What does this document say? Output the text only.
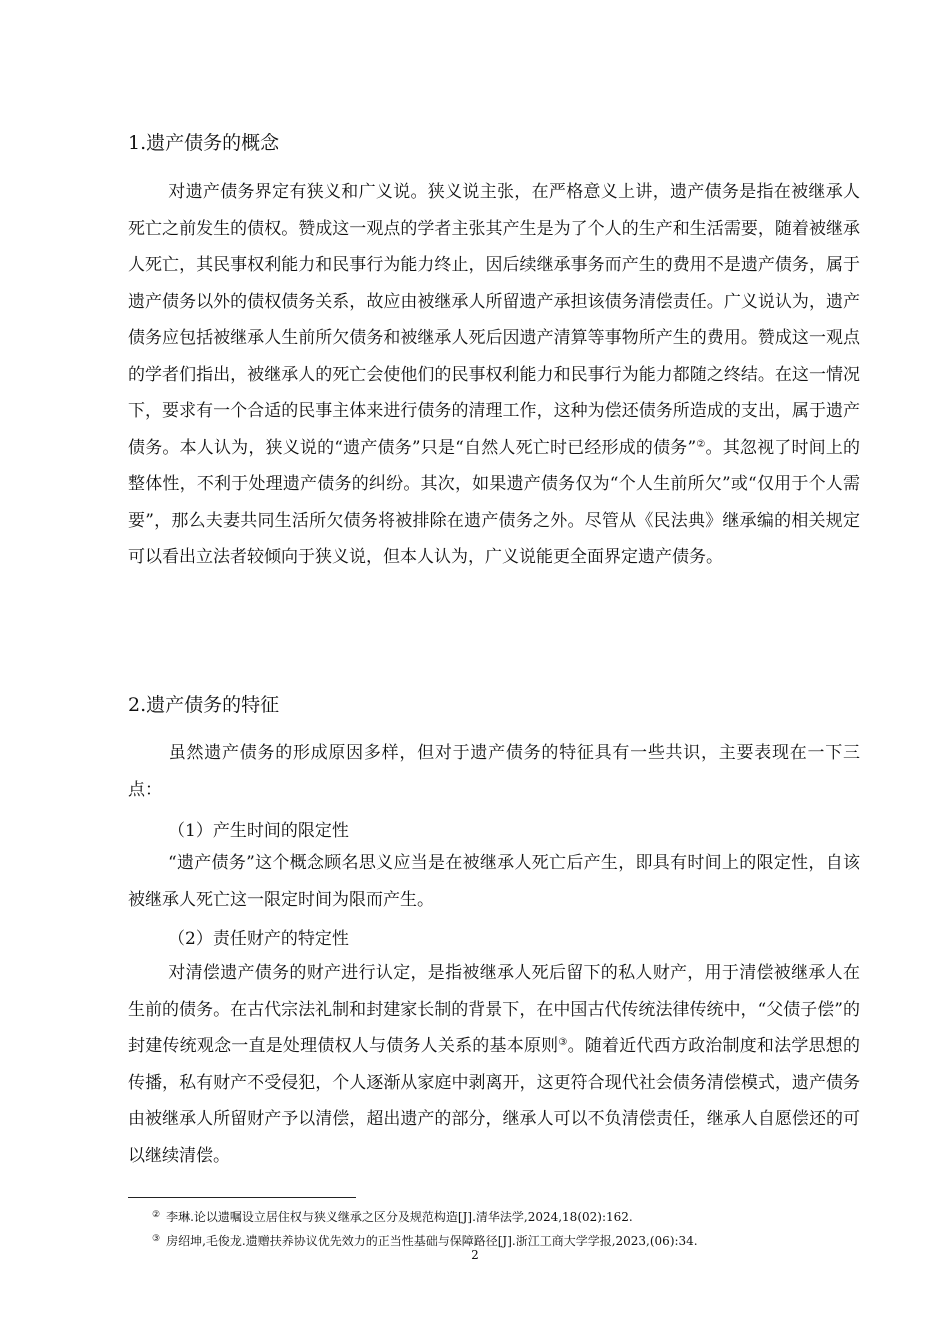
1.遗产债务的概念
对遗产债务界定有狭义和广义说。狭义说主张，在严格意义上讲，遗产债务是指在被继承人死亡之前发生的债权。赞成这一观点的学者主张其产生是为了个人的生产和生活需要，随着被继承人死亡，其民事权利能力和民事行为能力终止，因后续继承事务而产生的费用不是遗产债务，属于遗产债务以外的债权债务关系，故应由被继承人所留遗产承担该债务清偿责任。广义说认为，遗产债务应包括被继承人生前所欠债务和被继承人死后因遗产清算等事物所产生的费用。赞成这一观点的学者们指出，被继承人的死亡会使他们的民事权利能力和民事行为能力都随之终结。在这一情况下，要求有一个合适的民事主体来进行债务的清理工作，这种为偿还债务所造成的支出，属于遗产债务。本人认为，狭义说的“遗产债务”只是“自然人死亡时已经形成的债务”②。其忽视了时间上的整体性，不利于处理遗产债务的纠纷。其次，如果遗产债务仅为“个人生前所欠”或“仅用于个人需要”，那么夫妻共同生活所欠债务将被排除在遗产债务之外。尽管从《民法典》继承编的相关规定可以看出立法者较倾向于狭义说，但本人认为，广义说能更全面界定遗产债务。
2.遗产债务的特征
虽然遗产债务的形成原因多样，但对于遗产债务的特征具有一些共识，主要表现在一下三点：
（1）产生时间的限定性
“遗产债务”这个概念顾名思义应当是在被继承人死亡后产生，即具有时间上的限定性，自该被继承人死亡这一限定时间为限而产生。
（2）责任财产的特定性
对清偿遗产债务的财产进行认定，是指被继承人死后留下的私人财产，用于清偿被继承人在生前的债务。在古代宗法礼制和封建家长制的背景下，在中国古代传统法律传统中，“父债子偿”的封建传统观念一直是处理债权人与债务人关系的基本原则③。随着近代西方政治制度和法学思想的传播，私有财产不受侵犯，个人逐渐从家庭中剥离开，这更符合现代社会债务清偿模式，遗产债务由被继承人所留财产予以清偿，超出遗产的部分，继承人可以不负清偿责任，继承人自愿偿还的可以继续清偿。
② 李琳.论以遗嘱设立居住权与狭义继承之区分及规范构造[J].清华法学,2024,18(02):162.
③ 房绍坤,毛俊龙.遗赠扶养协议优先效力的正当性基础与保障路径[J].浙江工商大学学报,2023,(06):34.
2
